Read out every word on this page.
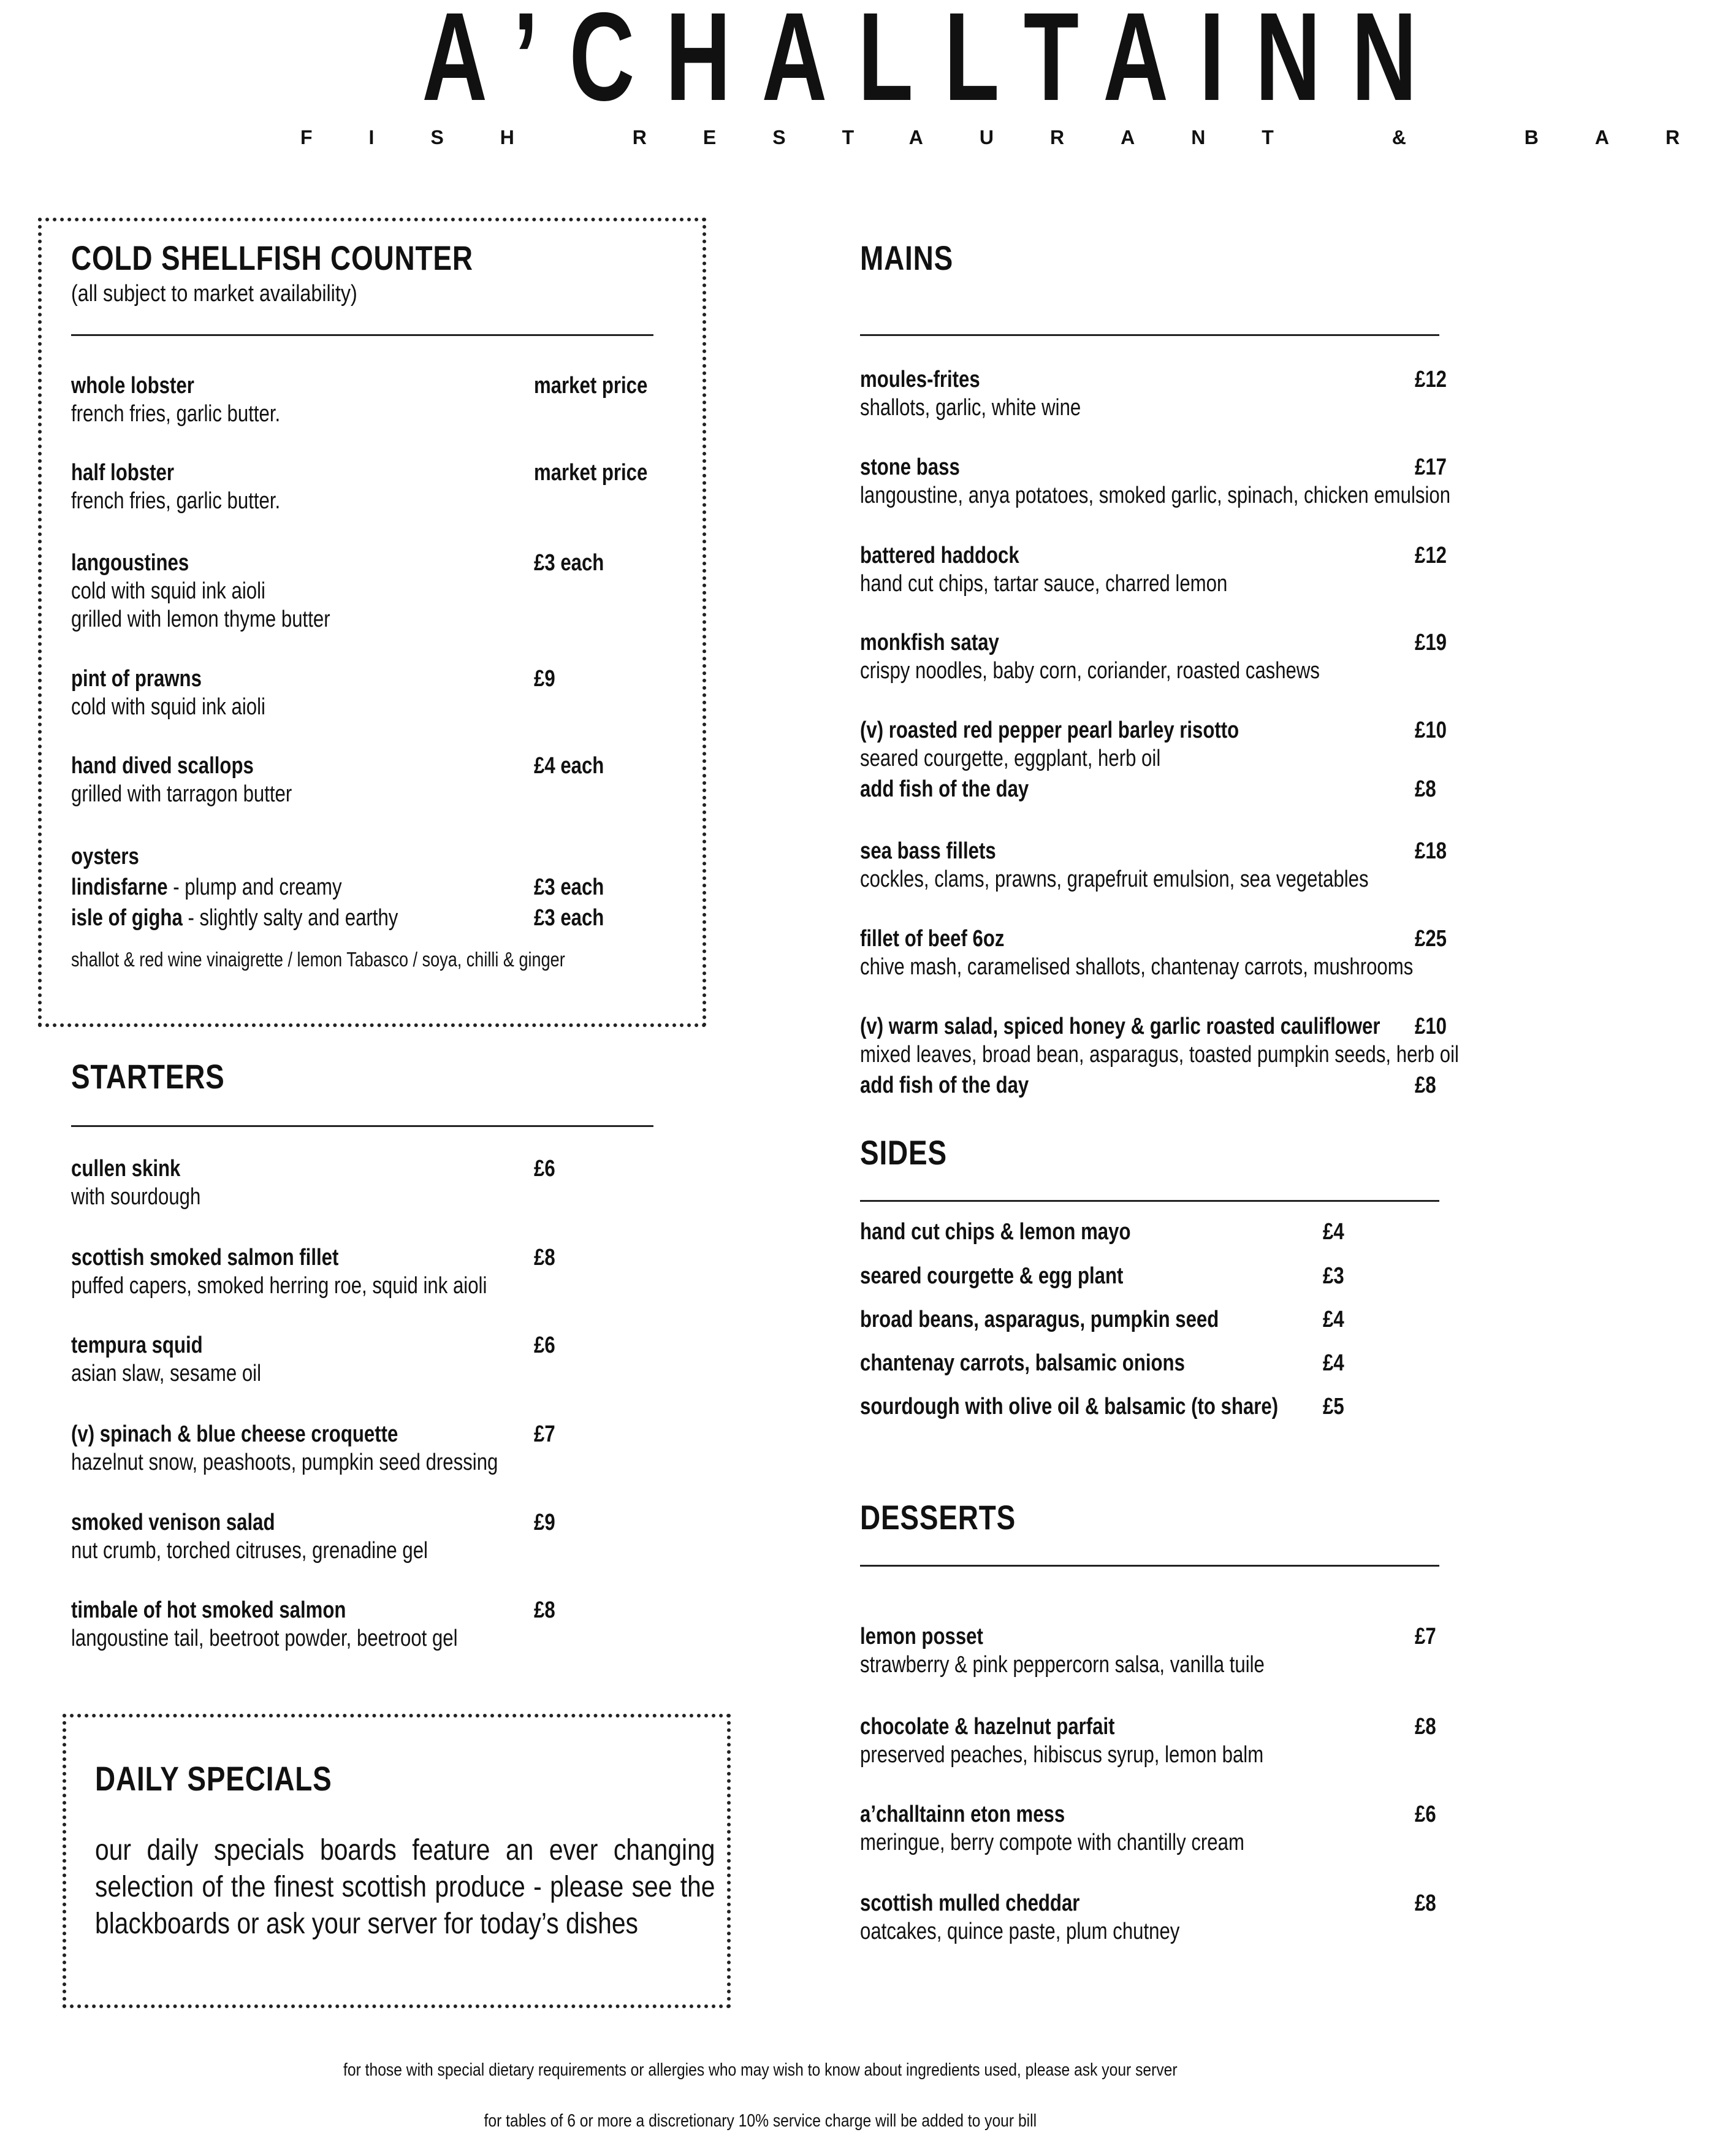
A’CHALLTAINN
FISH RESTAURANT & BAR
COLD SHELLFISH COUNTER
(all subject to market availability)
whole lobster	market price
french fries, garlic butter.
half lobster	market price
french fries, garlic butter.
langoustines	£3 each
cold with squid ink aioli
grilled with lemon thyme butter
pint of prawns	£9
cold with squid ink aioli
hand dived scallops	£4 each
grilled with tarragon butter
oysters
lindisfarne - plump and creamy	£3 each
isle of gigha - slightly salty and earthy	£3 each
shallot & red wine vinaigrette / lemon Tabasco / soya, chilli & ginger
STARTERS
cullen skink	£6
with sourdough
scottish smoked salmon fillet	£8
puffed capers, smoked herring roe, squid ink aioli
tempura squid	£6
asian slaw, sesame oil
(v) spinach & blue cheese croquette	£7
hazelnut snow, peashoots, pumpkin seed dressing
smoked venison salad	£9
nut crumb, torched citruses, grenadine gel
timbale of hot smoked salmon	£8
langoustine tail, beetroot powder, beetroot gel
DAILY SPECIALS
our daily specials boards feature an ever changing selection of the finest scottish produce - please see the blackboards or ask your server for today’s dishes
MAINS
moules-frites	£12
shallots, garlic, white wine
stone bass	£17
langoustine, anya potatoes, smoked garlic, spinach, chicken emulsion
battered haddock	£12
hand cut chips, tartar sauce, charred lemon
monkfish satay	£19
crispy noodles, baby corn, coriander, roasted cashews
(v) roasted red pepper pearl barley risotto	£10
seared courgette, eggplant, herb oil
add fish of the day	£8
sea bass fillets	£18
cockles, clams, prawns, grapefruit emulsion, sea vegetables
fillet of beef 6oz	£25
chive mash, caramelised shallots, chantenay carrots, mushrooms
(v) warm salad, spiced honey & garlic roasted cauliflower £10
mixed leaves, broad bean, asparagus, toasted pumpkin seeds, herb oil
add fish of the day	£8
SIDES
hand cut chips & lemon mayo	£4
seared courgette & egg plant	£3
broad beans, asparagus, pumpkin seed	£4
chantenay carrots, balsamic onions	£4
sourdough with olive oil & balsamic (to share) £5
DESSERTS
lemon posset	£7
strawberry & pink peppercorn salsa, vanilla tuile
chocolate & hazelnut parfait	£8
preserved peaches, hibiscus syrup, lemon balm
a’challtainn eton mess	£6
meringue, berry compote with chantilly cream
scottish mulled cheddar	£8
oatcakes, quince paste, plum chutney
for those with special dietary requirements or allergies who may wish to know about ingredients used, please ask your server
for tables of 6 or more a discretionary 10% service charge will be added to your bill
